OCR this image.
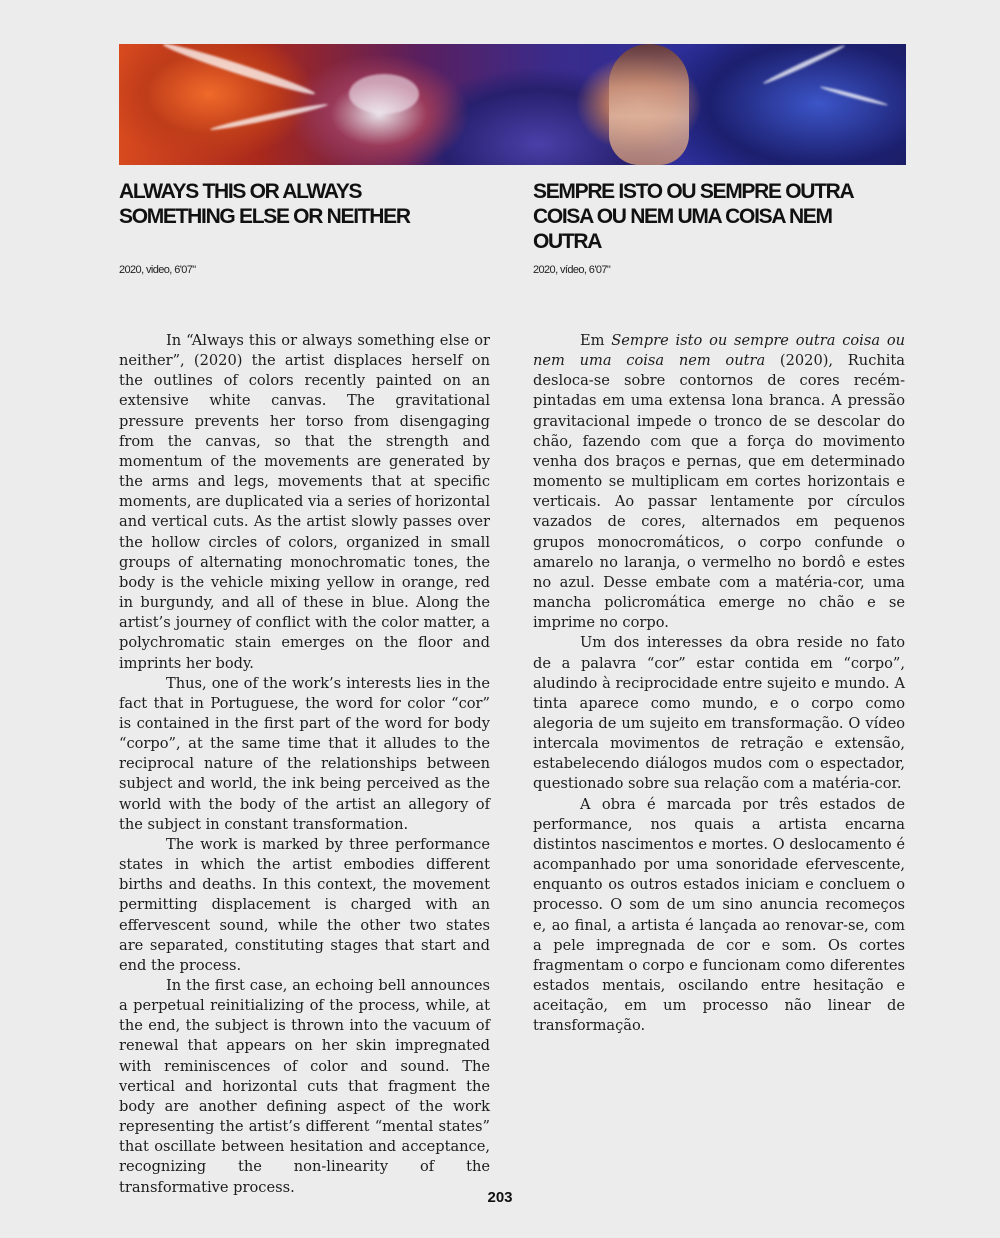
ALWAYS THIS OR ALWAYS SOMETHING ELSE OR NEITHER

2020, video, 6'07"

SEMPRE ISTO OU SEMPRE OUTRA COISA OU NEM UMA COISA NEM OUTRA

2020, vídeo, 6'07"

In “Always this or always something else or neither”, (2020) the artist displaces herself on the outlines of colors recently painted on an extensive white canvas. The gravitational pressure prevents her torso from disengaging from the canvas, so that the strength and momentum of the movements are generated by the arms and legs, movements that at specific moments, are duplicated via a series of horizontal and vertical cuts. As the artist slowly passes over the hollow circles of colors, organized in small groups of alternating monochromatic tones, the body is the vehicle mixing yellow in orange, red in burgundy, and all of these in blue. Along the artist’s journey of conflict with the color matter, a polychromatic stain emerges on the floor and imprints her body.

Thus, one of the work’s interests lies in the fact that in Portuguese, the word for color “cor” is contained in the first part of the word for body “corpo”, at the same time that it alludes to the reciprocal nature of the relationships between subject and world, the ink being perceived as the world with the body of the artist an allegory of the subject in constant transformation.

The work is marked by three performance states in which the artist embodies different births and deaths. In this context, the movement permitting displacement is charged with an effervescent sound, while the other two states are separated, constituting stages that start and end the process.

In the first case, an echoing bell announces a perpetual reinitializing of the process, while, at the end, the subject is thrown into the vacuum of renewal that appears on her skin impregnated with reminiscences of color and sound. The vertical and horizontal cuts that fragment the body are another defining aspect of the work representing the artist’s different “mental states” that oscillate between hesitation and acceptance, recognizing the non-linearity of the transformative process.

Em Sempre isto ou sempre outra coisa ou nem uma coisa nem outra (2020), Ruchita desloca-se sobre contornos de cores recém-pintadas em uma extensa lona branca. A pressão gravitacional impede o tronco de se descolar do chão, fazendo com que a força do movimento venha dos braços e pernas, que em determinado momento se multiplicam em cortes horizontais e verticais. Ao passar lentamente por círculos vazados de cores, alternados em pequenos grupos monocromáticos, o corpo confunde o amarelo no laranja, o vermelho no bordô e estes no azul. Desse embate com a matéria-cor, uma mancha policromática emerge no chão e se imprime no corpo.

Um dos interesses da obra reside no fato de a palavra “cor” estar contida em “corpo”, aludindo à reciprocidade entre sujeito e mundo. A tinta aparece como mundo, e o corpo como alegoria de um sujeito em transformação. O vídeo intercala movimentos de retração e extensão, estabelecendo diálogos mudos com o espectador, questionado sobre sua relação com a matéria-cor.

A obra é marcada por três estados de performance, nos quais a artista encarna distintos nascimentos e mortes. O deslocamento é acompanhado por uma sonoridade efervescente, enquanto os outros estados iniciam e concluem o processo. O som de um sino anuncia recomeços e, ao final, a artista é lançada ao renovar-se, com a pele impregnada de cor e som. Os cortes fragmentam o corpo e funcionam como diferentes estados mentais, oscilando entre hesitação e aceitação, em um processo não linear de transformação.

203
